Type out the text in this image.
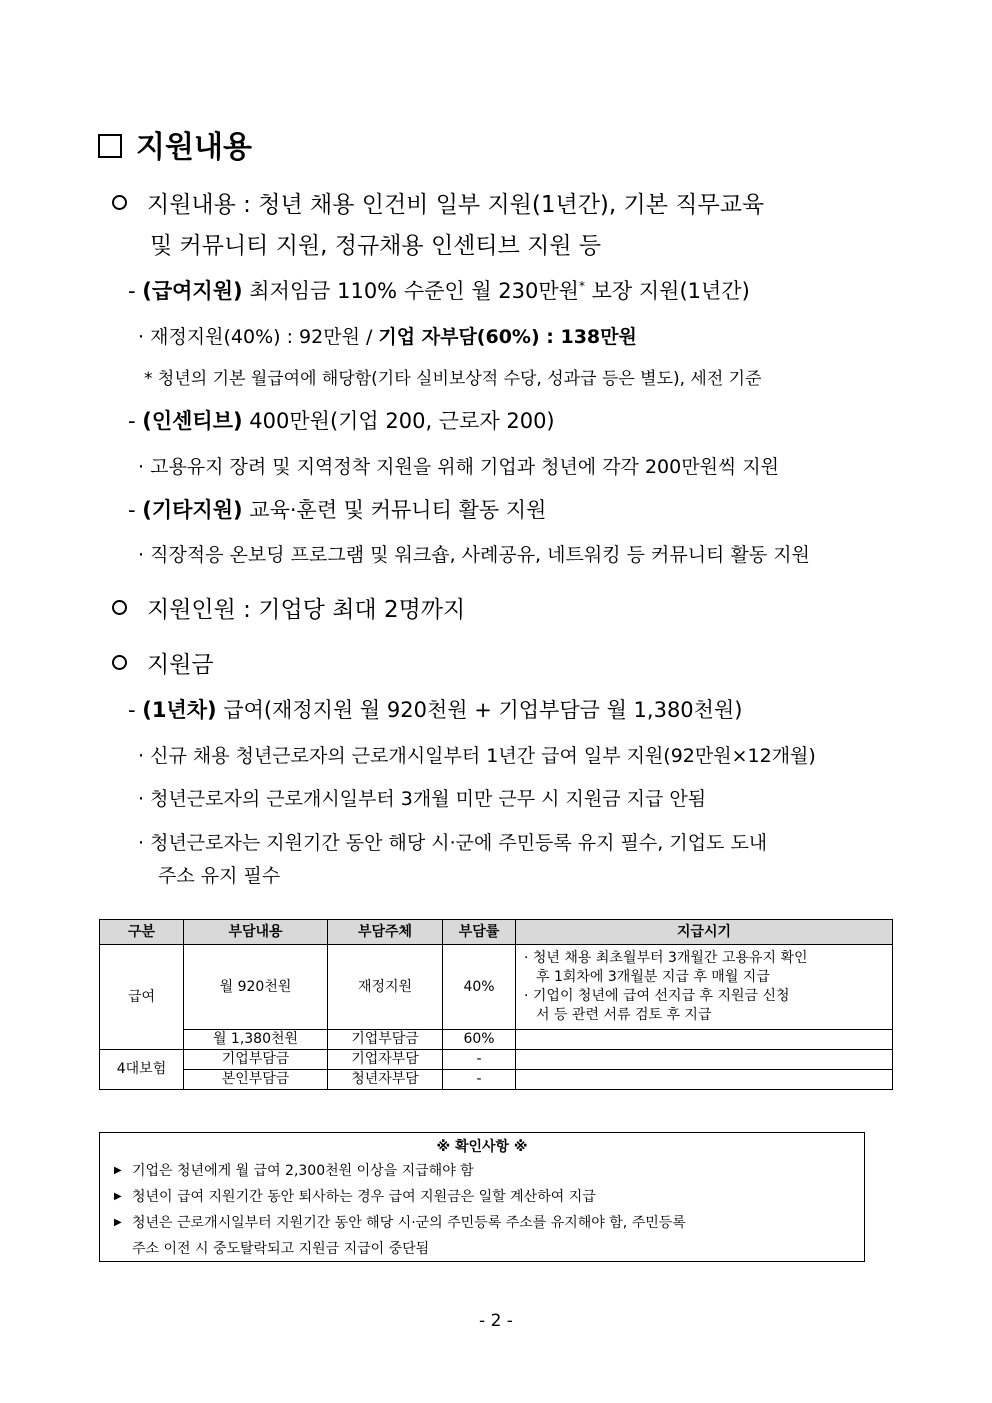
지원내용
지원내용 : 청년 채용 인건비 일부 지원(1년간), 기본 직무교육
및 커뮤니티 지원, 정규채용 인센티브 지원 등
- (급여지원) 최저임금 110% 수준인 월 230만원* 보장 지원(1년간)
· 재정지원(40%) : 92만원 / 기업 자부담(60%) : 138만원
* 청년의 기본 월급여에 해당함(기타 실비보상적 수당, 성과급 등은 별도), 세전 기준
- (인센티브) 400만원(기업 200, 근로자 200)
· 고용유지 장려 및 지역정착 지원을 위해 기업과 청년에 각각 200만원씩 지원
- (기타지원) 교육·훈련 및 커뮤니티 활동 지원
· 직장적응 온보딩 프로그램 및 워크숍, 사례공유, 네트워킹 등 커뮤니티 활동 지원
지원인원 : 기업당 최대 2명까지
지원금
- (1년차) 급여(재정지원 월 920천원 + 기업부담금 월 1,380천원)
· 신규 채용 청년근로자의 근로개시일부터 1년간 급여 일부 지원(92만원×12개월)
· 청년근로자의 근로개시일부터 3개월 미만 근무 시 지원금 지급 안됨
· 청년근로자는 지원기간 동안 해당 시·군에 주민등록 유지 필수, 기업도 도내
주소 유지 필수
구분	부담내용	부담주체	부담률	지급시기
급여	월 920천원	재정지원	40%	· 청년 채용 최초월부터 3개월간 고용유지 확인
후 1회차에 3개월분 지급 후 매월 지급
· 기업이 청년에 급여 선지급 후 지원금 신청
서 등 관련 서류 검토 후 지급

	월 1,380천원	기업부담금	60%	
4대보험	기업부담금	기업자부담	-	
	본인부담금	청년자부담	-	
※ 확인사항 ※
▶ 기업은 청년에게 월 급여 2,300천원 이상을 지급해야 함
▶ 청년이 급여 지원기간 동안 퇴사하는 경우 급여 지원금은 일할 계산하여 지급
▶ 청년은 근로개시일부터 지원기간 동안 해당 시·군의 주민등록 주소를 유지해야 함, 주민등록
주소 이전 시 중도탈락되고 지원금 지급이 중단됨
- 2 -
